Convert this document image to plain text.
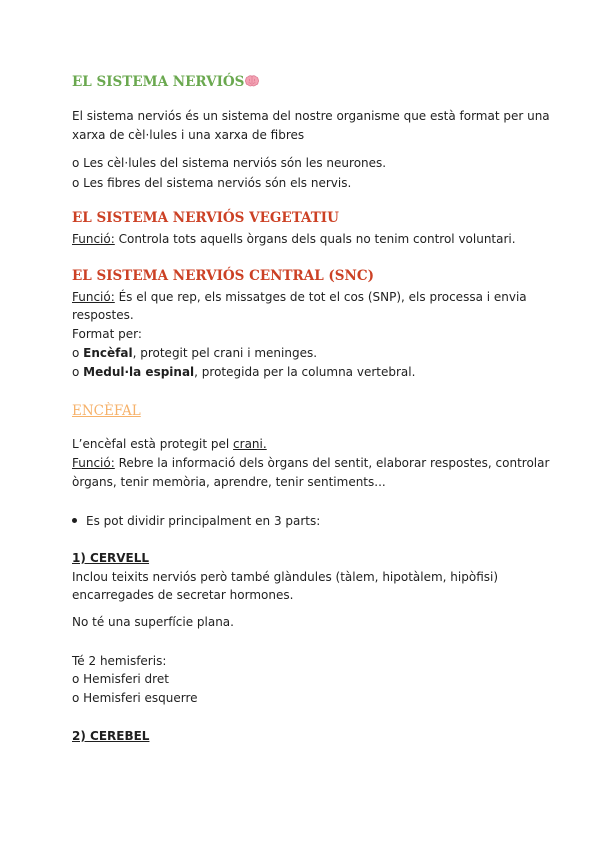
EL SISTEMA NERVIÓS
El sistema nerviós és un sistema del nostre organisme que està format per una
xarxa de cèl·lules i una xarxa de fibres
o Les cèl·lules del sistema nerviós són les neurones.
o Les fibres del sistema nerviós són els nervis.
EL SISTEMA NERVIÓS VEGETATIU
Funció: Controla tots aquells òrgans dels quals no tenim control voluntari.
EL SISTEMA NERVIÓS CENTRAL (SNC)
Funció: És el que rep, els missatges de tot el cos (SNP), els processa i envia
respostes.
Format per:
o Encèfal, protegit pel crani i meninges.
o Medul·la espinal, protegida per la columna vertebral.
ENCÈFAL
L’encèfal està protegit pel crani.
Funció: Rebre la informació dels òrgans del sentit, elaborar respostes, controlar
òrgans, tenir memòria, aprendre, tenir sentiments...
Es pot dividir principalment en 3 parts:
1) CERVELL
Inclou teixits nerviós però també glàndules (tàlem, hipotàlem, hipòfisi)
encarregades de secretar hormones.
No té una superfície plana.
Té 2 hemisferis:
o Hemisferi dret
o Hemisferi esquerre
2) CEREBEL
